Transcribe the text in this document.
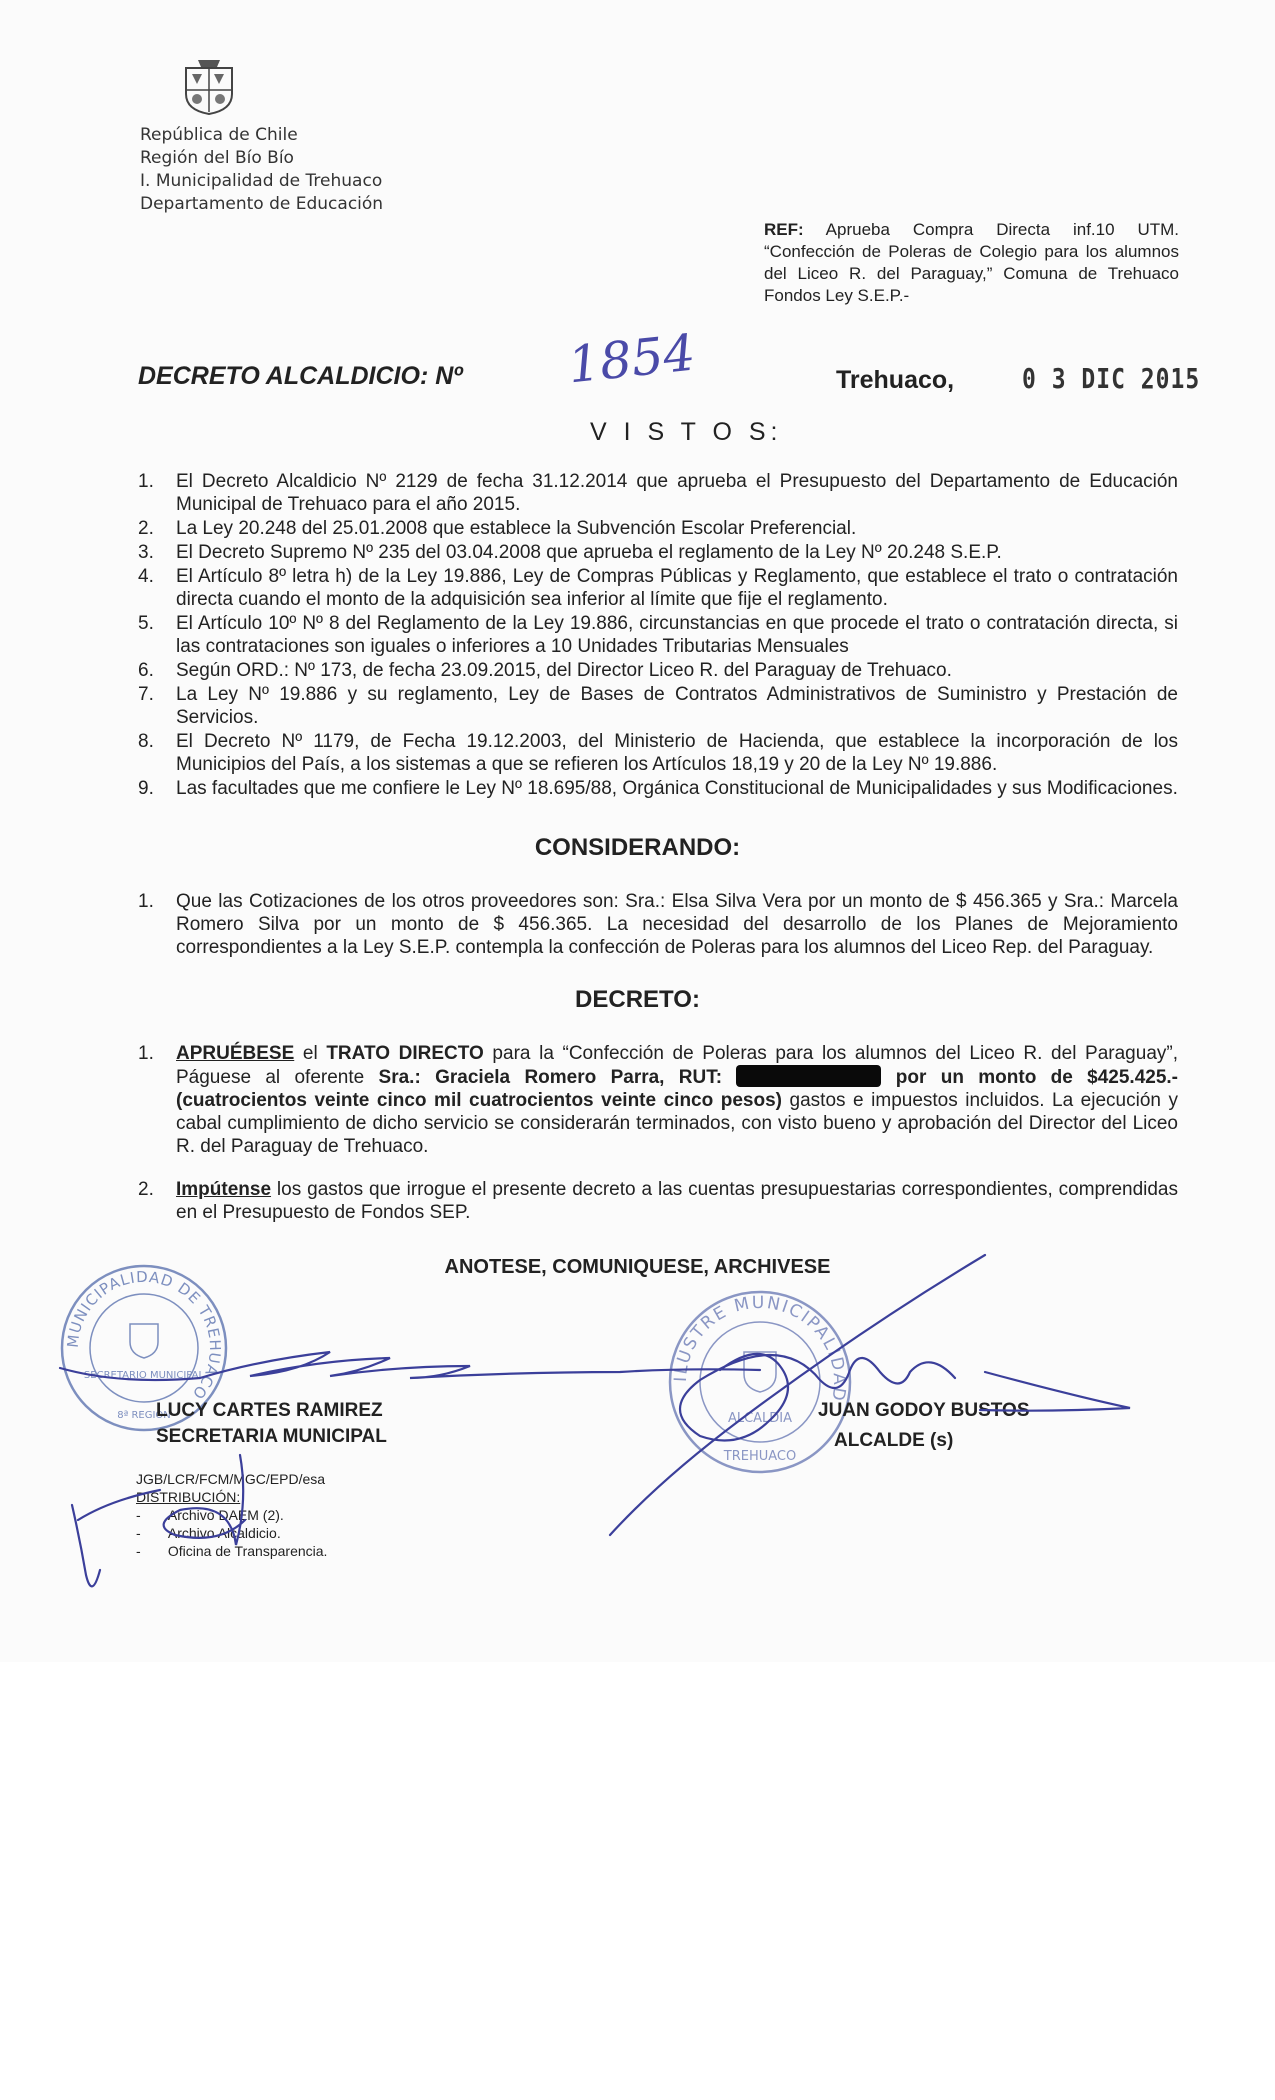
República de Chile
Región del Bío Bío
I. Municipalidad de Trehuaco
Departamento de Educación
REF: Aprueba Compra Directa inf.10 UTM. “Confección de Poleras de Colegio para los alumnos del Liceo R. del Paraguay,” Comuna de Trehuaco Fondos Ley S.E.P.-
DECRETO ALCALDICIO: Nº 1854	Trehuaco,	0 3 DIC 2015
V I S T O S:
1. El Decreto Alcaldicio Nº 2129 de fecha 31.12.2014 que aprueba el Presupuesto del Departamento de Educación Municipal de Trehuaco para el año 2015.
2. La Ley 20.248 del 25.01.2008 que establece la Subvención Escolar Preferencial.
3. El Decreto Supremo Nº 235 del 03.04.2008 que aprueba el reglamento de la Ley Nº 20.248 S.E.P.
4. El Artículo 8º letra h) de la Ley 19.886, Ley de Compras Públicas y Reglamento, que establece el trato o contratación directa cuando el monto de la adquisición sea inferior al límite que fije el reglamento.
5. El Artículo 10º Nº 8 del Reglamento de la Ley 19.886, circunstancias en que procede el trato o contratación directa, si las contrataciones son iguales o inferiores a 10 Unidades Tributarias Mensuales
6. Según ORD.: Nº 173, de fecha 23.09.2015, del Director Liceo R. del Paraguay de Trehuaco.
7. La Ley Nº 19.886 y su reglamento, Ley de Bases de Contratos Administrativos de Suministro y Prestación de Servicios.
8. El Decreto Nº 1179, de Fecha 19.12.2003, del Ministerio de Hacienda, que establece la incorporación de los Municipios del País, a los sistemas a que se refieren los Artículos 18,19 y 20 de la Ley Nº 19.886.
9. Las facultades que me confiere le Ley Nº 18.695/88, Orgánica Constitucional de Municipalidades y sus Modificaciones.
CONSIDERANDO:
1. Que las Cotizaciones de los otros proveedores son: Sra.: Elsa Silva Vera por un monto de $ 456.365 y Sra.: Marcela Romero Silva por un monto de $ 456.365. La necesidad del desarrollo de los Planes de Mejoramiento correspondientes a la Ley S.E.P. contempla la confección de Poleras para los alumnos del Liceo Rep. del Paraguay.
DECRETO:
1. APRUÉBESE el TRATO DIRECTO para la “Confección de Poleras para los alumnos del Liceo R. del Paraguay”, Páguese al oferente Sra.: Graciela Romero Parra, RUT:	por un monto de $425.425.- (cuatrocientos veinte cinco mil cuatrocientos veinte cinco pesos) gastos e impuestos incluidos. La ejecución y cabal cumplimiento de dicho servicio se considerarán terminados, con visto bueno y aprobación del Director del Liceo R. del Paraguay de Trehuaco.
2. Impútense los gastos que irrogue el presente decreto a las cuentas presupuestarias correspondientes, comprendidas en el Presupuesto de Fondos SEP.
ANOTESE, COMUNIQUESE, ARCHIVESE
MUNICIPALIDAD DE TREHUACO
SECRETARIO MUNICIPAL
8ª REGION
ILUSTRE MUNICIPALIDAD
ALCALDIA
TREHUACO
LUCY CARTES RAMIREZ
SECRETARIA MUNICIPAL
JUAN GODOY BUSTOS
ALCALDE (s)
JGB/LCR/FCM/MGC/EPD/esa
DISTRIBUCIÓN:
-       Archivo DAEM (2).
-       Archivo Alcaldicio.
-       Oficina de Transparencia.
